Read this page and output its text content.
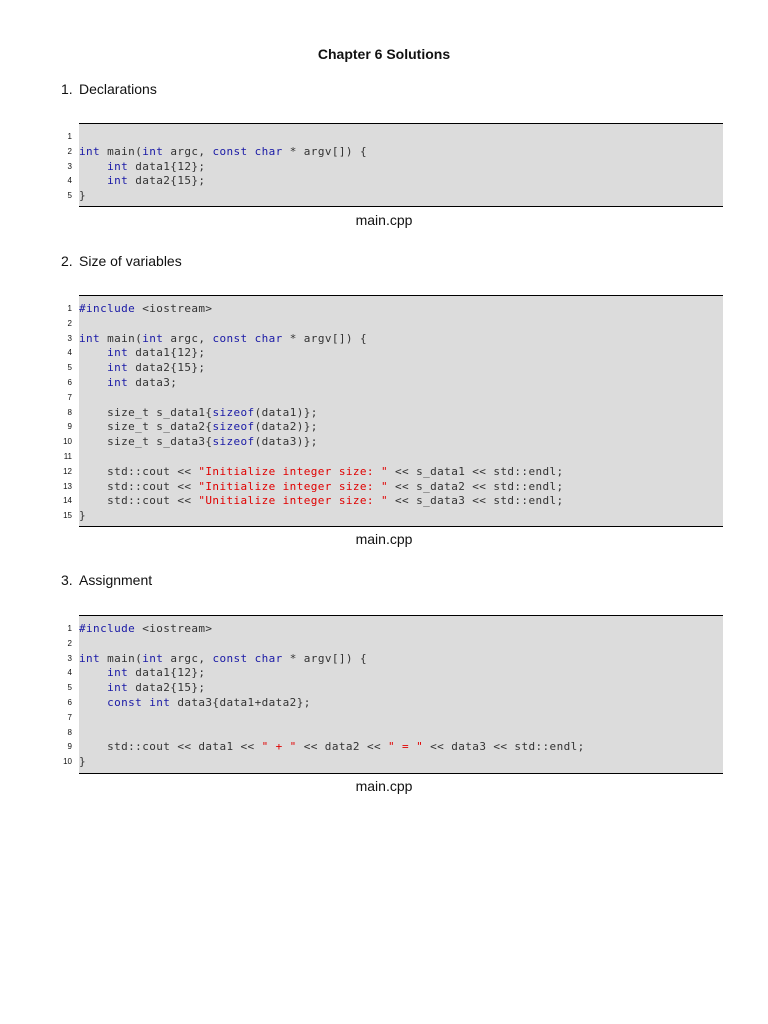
Chapter 6 Solutions
1. Declarations
1
2 int main(int argc, const char * argv[]) {
3	int data1{12};
4	int data2{15};
5 }
main.cpp
2. Size of variables
1 #include <iostream>
2
3 int main(int argc, const char * argv[]) {
4	int data1{12};
5	int data2{15};
6	int data3;
7
8 size_t s_data1{sizeof(data1)};
9 size_t s_data2{sizeof(data2)};
10 size_t s_data3{sizeof(data3)};
11
12 std::cout << "Initialize integer size: " << s_data1 << std::endl;
13 std::cout << "Initialize integer size: " << s_data2 << std::endl;
14 std::cout << "Unitialize integer size: " << s_data3 << std::endl;
15 }
main.cpp
3. Assignment
1 #include <iostream>
2
3 int main(int argc, const char * argv[]) {
4	int data1{12};
5	int data2{15};
6	const int data3{data1+data2};
7
8
9 std::cout << data1 << " + " << data2 << " = " << data3 << std::endl;
10 }
main.cpp
